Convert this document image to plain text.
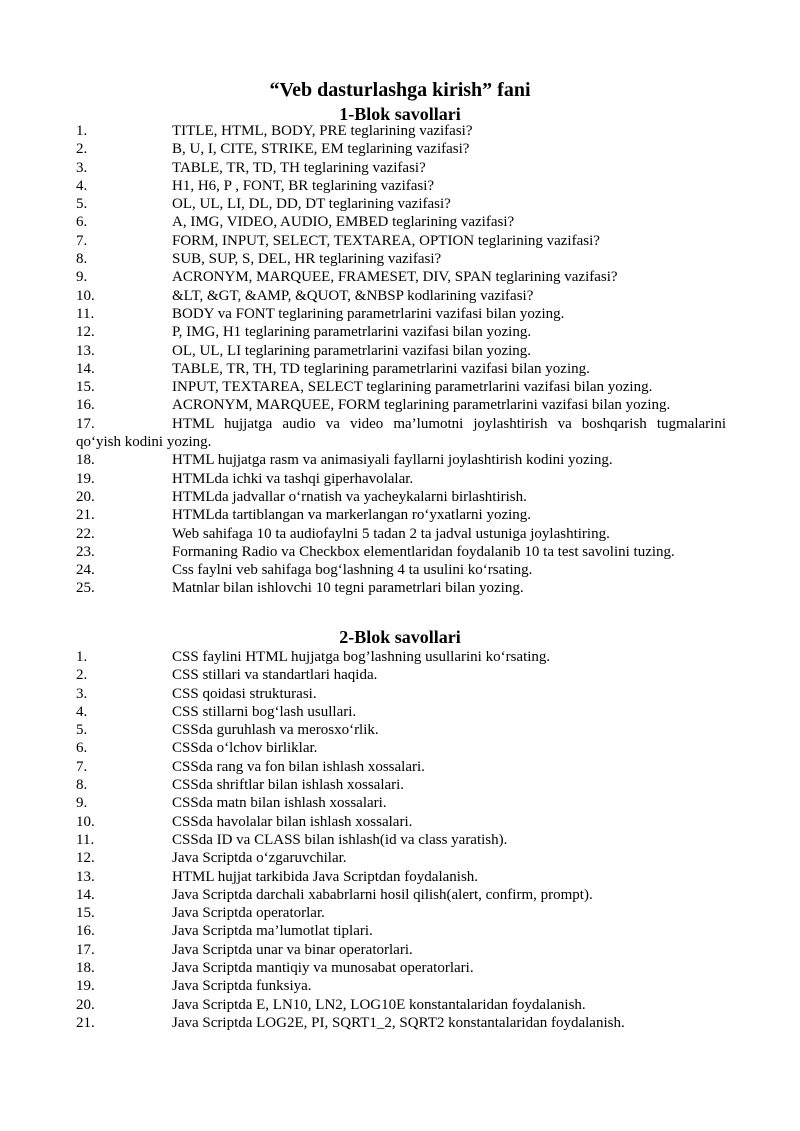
“Veb dasturlashga kirish” fani
1-Blok savollari
1.	TITLE, HTML, BODY, PRE teglarining vazifasi?
2.	B, U, I, CITE, STRIKE, EM teglarining vazifasi?
3.	TABLE, TR, TD, TH teglarining vazifasi?
4.	H1, H6, P , FONT, BR teglarining vazifasi?
5.	OL, UL, LI, DL, DD, DT teglarining vazifasi?
6.	A, IMG, VIDEO, AUDIO, EMBED teglarining vazifasi?
7.	FORM, INPUT, SELECT, TEXTAREA, OPTION teglarining vazifasi?
8.	SUB, SUP, S, DEL, HR teglarining vazifasi?
9.	ACRONYM, MARQUEE, FRAMESET, DIV, SPAN teglarining vazifasi?
10.	&LT, &GT, &AMP, &QUOT, &NBSP kodlarining vazifasi?
11.	BODY va FONT teglarining parametrlarini vazifasi bilan yozing.
12.	P, IMG, H1 teglarining parametrlarini vazifasi bilan yozing.
13.	OL, UL, LI teglarining parametrlarini vazifasi bilan yozing.
14.	TABLE, TR, TH, TD teglarining parametrlarini vazifasi bilan yozing.
15.	INPUT, TEXTAREA, SELECT teglarining parametrlarini vazifasi bilan yozing.
16.	ACRONYM, MARQUEE, FORM teglarining parametrlarini vazifasi bilan yozing.
17.	HTML hujjatga audio va video ma’lumotni joylashtirish va boshqarish tugmalarini
qo‘yish kodini yozing.
18.	HTML hujjatga rasm va animasiyali fayllarni joylashtirish kodini yozing.
19.	HTMLda ichki va tashqi giperhavolalar.
20.	HTMLda jadvallar o‘rnatish va yacheykalarni birlashtirish.
21.	HTMLda tartiblangan va markerlangan ro‘yxatlarni yozing.
22.	Web sahifaga 10 ta audiofaylni 5 tadan 2 ta jadval ustuniga joylashtiring.
23.	Formaning Radio va Checkbox elementlaridan foydalanib 10 ta test savolini tuzing.
24.	Css faylni veb sahifaga bog‘lashning 4 ta usulini ko‘rsating.
25.	Matnlar bilan ishlovchi 10 tegni parametrlari bilan yozing.
2-Blok savollari
1.	CSS faylini HTML hujjatga bog’lashning usullarini ko‘rsating.
2.	CSS stillari va standartlari haqida.
3.	CSS qoidasi strukturasi.
4.	CSS stillarni bog‘lash usullari.
5.	CSSda guruhlash va merosxo‘rlik.
6.	CSSda o‘lchov birliklar.
7.	CSSda rang va fon bilan ishlash xossalari.
8.	CSSda shriftlar bilan ishlash xossalari.
9.	CSSda matn bilan ishlash xossalari.
10.	CSSda havolalar bilan ishlash xossalari.
11.	CSSda ID va CLASS bilan ishlash(id va class yaratish).
12.	Java Scriptda o‘zgaruvchilar.
13.	HTML hujjat tarkibida Java Scriptdan foydalanish.
14.	Java Scriptda darchali xababrlarni hosil qilish(alert, confirm, prompt).
15.	Java Scriptda operatorlar.
16.	Java Scriptda ma’lumotlat tiplari.
17.	Java Scriptda unar va binar operatorlari.
18.	Java Scriptda mantiqiy va munosabat operatorlari.
19.	Java Scriptda funksiya.
20.	Java Scriptda E, LN10, LN2, LOG10E konstantalaridan foydalanish.
21.	Java Scriptda LOG2E, PI, SQRT1_2, SQRT2 konstantalaridan foydalanish.
